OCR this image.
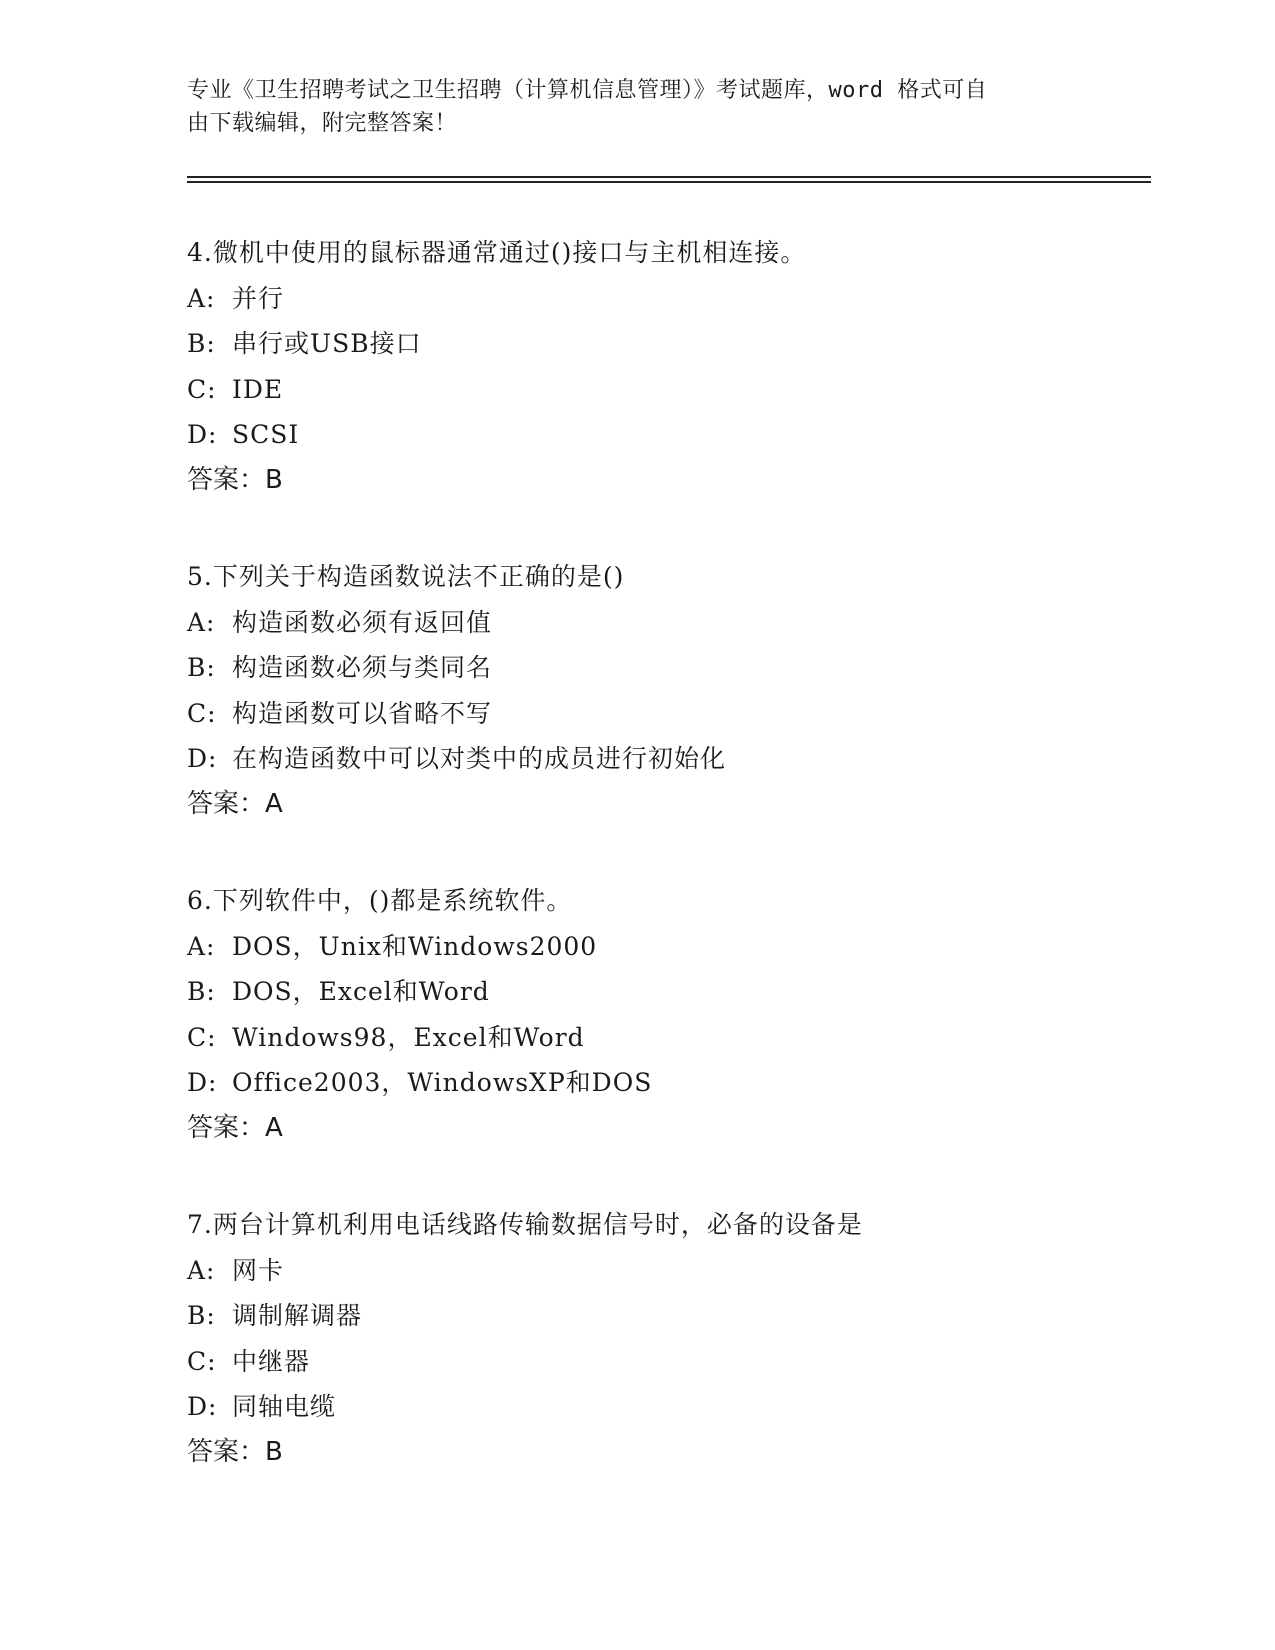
专业《卫生招聘考试之卫生招聘（计算机信息管理）》考试题库，word 格式可自
由下载编辑，附完整答案！
4.微机中使用的鼠标器通常通过()接口与主机相连接。
A: 并行
B: 串行或USB接口
C: IDE
D: SCSI
答案：B
5.下列关于构造函数说法不正确的是()
A: 构造函数必须有返回值
B: 构造函数必须与类同名
C: 构造函数可以省略不写
D: 在构造函数中可以对类中的成员进行初始化
答案：A
6.下列软件中，()都是系统软件。
A: DOS，Unix和Windows2000
B: DOS，Excel和Word
C: Windows98，Excel和Word
D: Office2003，WindowsXP和DOS
答案：A
7.两台计算机利用电话线路传输数据信号时，必备的设备是
A: 网卡
B: 调制解调器
C: 中继器
D: 同轴电缆
答案：B
